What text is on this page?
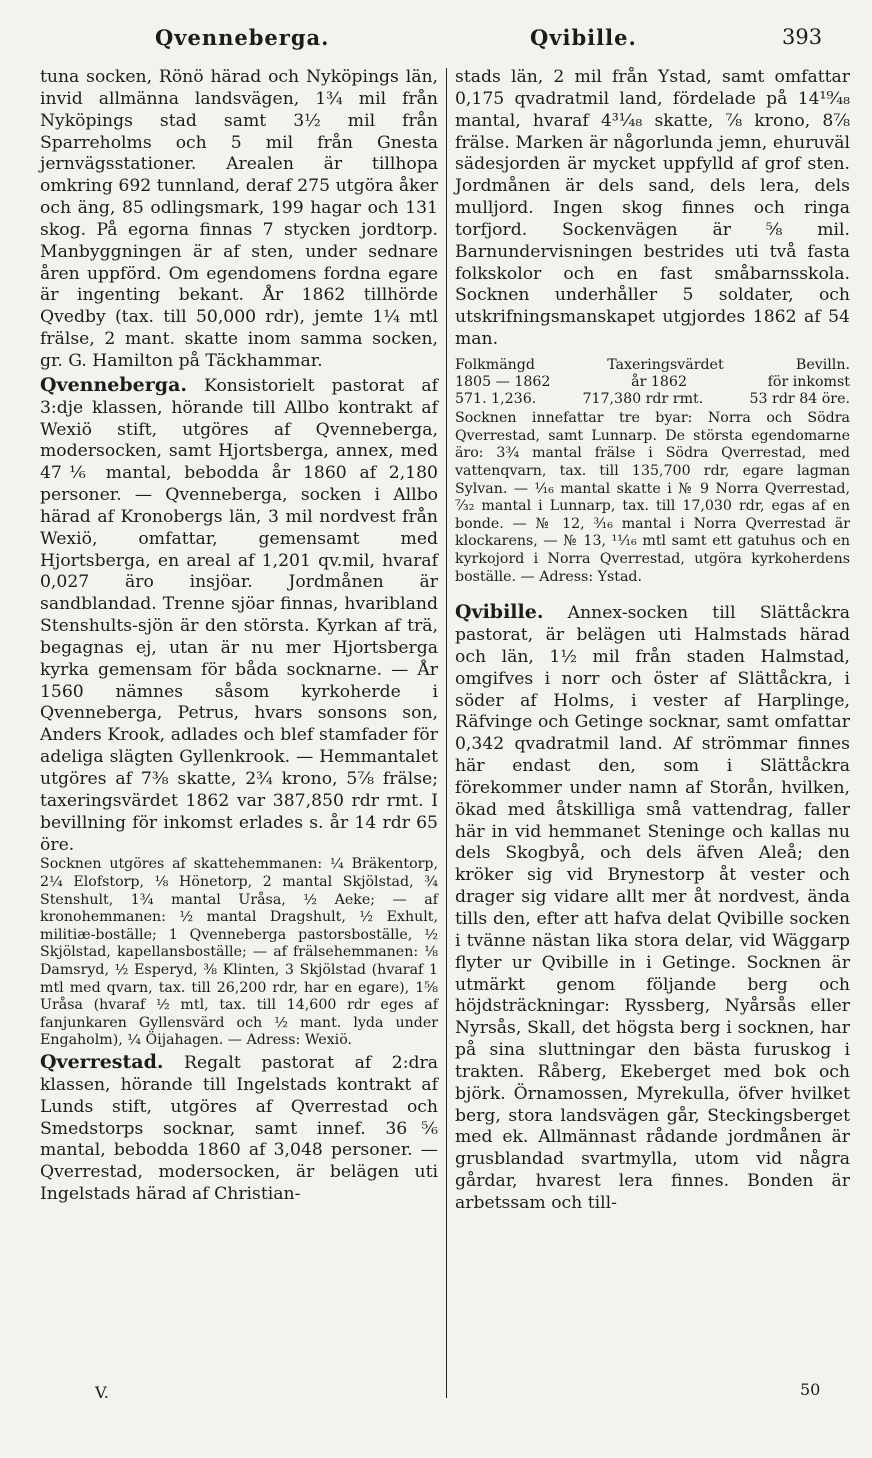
Qvenneberga.	Qvibille.	393

tuna socken, Rönö härad och Nyköpings län, invid allmänna landsvägen, 1¾ mil från Nyköpings stad samt 3½ mil från Sparreholms och 5 mil från Gnesta jernvägsstationer. Arealen är tillhopa omkring 692 tunnland, deraf 275 utgöra åker och äng, 85 odlingsmark, 199 hagar och 131 skog. På egorna finnas 7 stycken jordtorp. Manbyggningen är af sten, under sednare åren uppförd. Om egendomens fordna egare är ingenting bekant. År 1862 tillhörde Qvedby (tax. till 50,000 rdr), jemte 1¼ mtl frälse, 2 mant. skatte inom samma socken, gr. G. Hamilton på Täckhammar.

Qvenneberga. Konsistorielt pastorat af 3:dje klassen, hörande till Allbo kontrakt af Wexiö stift, utgöres af Qvenneberga, modersocken, samt Hjortsberga, annex, med 47⅙ mantal, bebodda år 1860 af 2,180 personer. — Qvenneberga, socken i Allbo härad af Kronobergs län, 3 mil nordvest från Wexiö, omfattar, gemensamt med Hjortsberga, en areal af 1,201 qv.mil, hvaraf 0,027 äro insjöar. Jordmånen är sandblandad. Trenne sjöar finnas, hvaribland Stenshults-sjön är den största. Kyrkan af trä, begagnas ej, utan är nu mer Hjortsberga kyrka gemensam för båda socknarne. — År 1560 nämnes såsom kyrkoherde i Qvenneberga, Petrus, hvars sonsons son, Anders Krook, adlades och blef stamfader för adeliga slägten Gyllenkrook. — Hemmantalet utgöres af 7⅜ skatte, 2¾ krono, 5⅞ frälse; taxeringsvärdet 1862 var 387,850 rdr rmt. I bevillning för inkomst erlades s. år 14 rdr 65 öre.

Socknen utgöres af skattehemmanen: ¼ Bräkentorp, 2¼ Elofstorp, ⅛ Hönetorp, 2 mantal Skjölstad, ¾ Stenshult, 1¾ mantal Uråsa, ½ Aeke; — af kronohemmanen: ½ mantal Dragshult, ½ Exhult, militiæ-boställe; 1 Qvenneberga pastorsboställe, ½ Skjölstad, kapellansboställe; — af frälsehemmanen: ⅛ Damsryd, ½ Esperyd, ⅜ Klinten, 3 Skjölstad (hvaraf 1 mtl med qvarn, tax. till 26,200 rdr, har en egare), 1⅝ Uråsa (hvaraf ½ mtl, tax. till 14,600 rdr eges af fanjunkaren Gyllensvärd och ½ mant. lyda under Engaholm), ¼ Öijahagen. — Adress: Wexiö.

Qverrestad. Regalt pastorat af 2:dra klassen, hörande till Ingelstads kontrakt af Lunds stift, utgöres af Qverrestad och Smedstorps socknar, samt innef. 36⅚ mantal, bebodda 1860 af 3,048 personer. — Qverrestad, modersocken, är belägen uti Ingelstads härad af Christian-

stads län, 2 mil från Ystad, samt omfattar 0,175 qvadratmil land, fördelade på 14¹⁹⁄₄₈ mantal, hvaraf 4³¹⁄₄₈ skatte, ⅞ krono, 8⅞ frälse. Marken är någorlunda jemn, ehuruväl sädesjorden är mycket uppfylld af grof sten. Jordmånen är dels sand, dels lera, dels mulljord. Ingen skog finnes och ringa torfjord. Sockenvägen är ⅝ mil. Barnundervisningen bestrides uti två fasta folkskolor och en fast småbarnsskola. Socknen underhåller 5 soldater, och utskrifningsmanskapet utgjordes 1862 af 54 man.

Folkmängd	Taxeringsvärdet	Bevilln.
1805 — 1862	år 1862	för inkomst
571. 1,236.	717,380 rdr rmt.	53 rdr 84 öre.

Socknen innefattar tre byar: Norra och Södra Qverrestad, samt Lunnarp. De största egendomarne äro: 3¾ mantal frälse i Södra Qverrestad, med vattenqvarn, tax. till 135,700 rdr, egare lagman Sylvan. — ¹⁄₁₆ mantal skatte i № 9 Norra Qverrestad, ⁷⁄₃₂ mantal i Lunnarp, tax. till 17,030 rdr, egas af en bonde. — № 12, ³⁄₁₆ mantal i Norra Qverrestad är klockarens, — № 13, ¹¹⁄₁₆ mtl samt ett gatuhus och en kyrkojord i Norra Qverrestad, utgöra kyrkoherdens boställe. — Adress: Ystad.

Qvibille. Annex-socken till Slättåckra pastorat, är belägen uti Halmstads härad och län, 1½ mil från staden Halmstad, omgifves i norr och öster af Slättåckra, i söder af Holms, i vester af Harplinge, Räfvinge och Getinge socknar, samt omfattar 0,342 qvadratmil land. Af strömmar finnes här endast den, som i Slättåckra förekommer under namn af Storån, hvilken, ökad med åtskilliga små vattendrag, faller här in vid hemmanet Steninge och kallas nu dels Skogbyå, och dels äfven Aleå; den kröker sig vid Brynestorp åt vester och drager sig vidare allt mer åt nordvest, ända tills den, efter att hafva delat Qvibille socken i tvänne nästan lika stora delar, vid Wäggarp flyter ur Qvibille in i Getinge. Socknen är utmärkt genom följande berg och höjdsträckningar: Ryssberg, Nyårsås eller Nyrsås, Skall, det högsta berg i socknen, har på sina sluttningar den bästa furuskog i trakten. Råberg, Ekeberget med bok och björk. Örnamossen, Myrekulla, öfver hvilket berg, stora landsvägen går, Steckingsberget med ek. Allmännast rådande jordmånen är grusblandad svartmylla, utom vid några gårdar, hvarest lera finnes. Bonden är arbetssam och till-

V.	50
